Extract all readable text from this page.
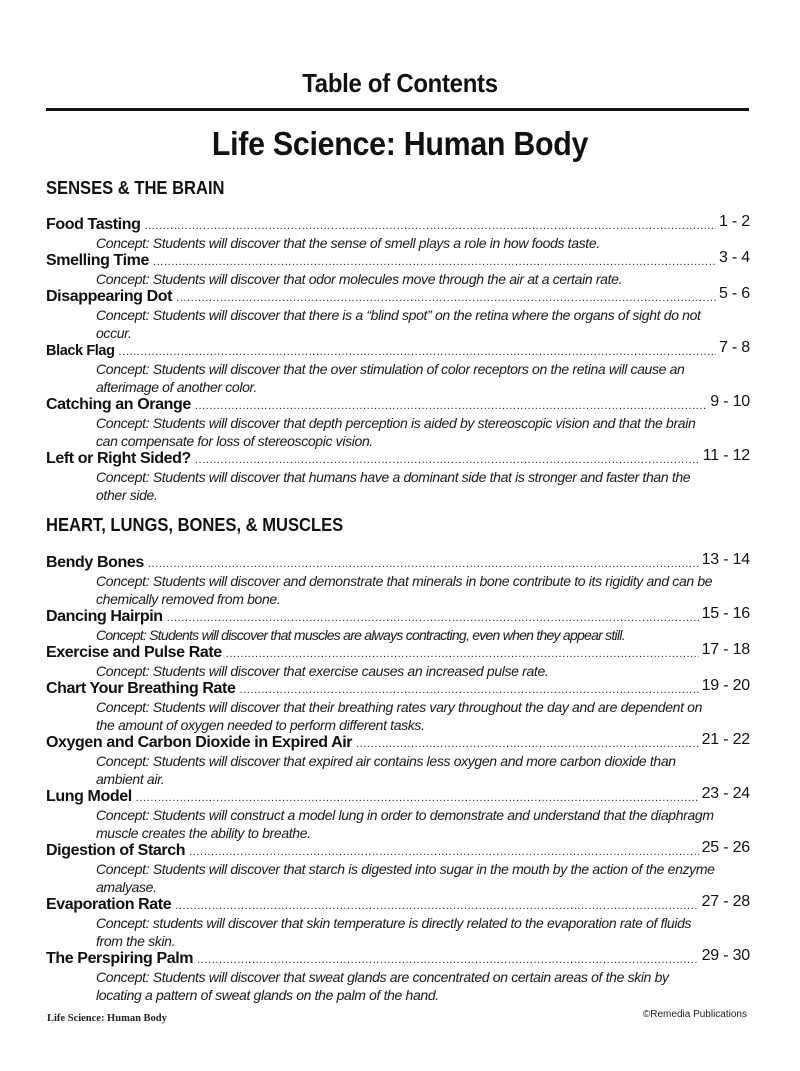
Table of Contents
Life Science: Human Body
SENSES & THE BRAIN
Food Tasting .....	1 - 2
Concept: Students will discover that the sense of smell plays a role in how foods taste.
Smelling Time .....	3 - 4
Concept: Students will discover that odor molecules move through the air at a certain rate.
Disappearing Dot .....	5 - 6
Concept: Students will discover that there is a “blind spot” on the retina where the organs of sight do not occur.
Black Flag .....	7 - 8
Concept: Students will discover that the over stimulation of color receptors on the retina will cause an afterimage of another color.
Catching an Orange .....	9 - 10
Concept: Students will discover that depth perception is aided by stereoscopic vision and that the brain can compensate for loss of stereoscopic vision.
Left or Right Sided? .....	11 - 12
Concept: Students will discover that humans have a dominant side that is stronger and faster than the other side.
HEART, LUNGS, BONES, & MUSCLES
Bendy Bones .....	13 - 14
Concept: Students will discover and demonstrate that minerals in bone contribute to its rigidity and can be chemically removed from bone.
Dancing Hairpin .....	15 - 16
Concept: Students will discover that muscles are always contracting, even when they appear still.
Exercise and Pulse Rate .....	17 - 18
Concept: Students will discover that exercise causes an increased pulse rate.
Chart Your Breathing Rate .....	19 - 20
Concept: Students will discover that their breathing rates vary throughout the day and are dependent on the amount of oxygen needed to perform different tasks.
Oxygen and Carbon Dioxide in Expired Air .....	21 - 22
Concept: Students will discover that expired air contains less oxygen and more carbon dioxide than ambient air.
Lung Model .....	23 - 24
Concept: Students will construct a model lung in order to demonstrate and understand that the diaphragm muscle creates the ability to breathe.
Digestion of Starch .....	25 - 26
Concept: Students will discover that starch is digested into sugar in the mouth by the action of the enzyme amalyase.
Evaporation Rate .....	27 - 28
Concept: students will discover that skin temperature is directly related to the evaporation rate of fluids from the skin.
The Perspiring Palm .....	29 - 30
Concept: Students will discover that sweat glands are concentrated on certain areas of the skin by locating a pattern of sweat glands on the palm of the hand.
Life Science: Human Body	©Remedia Publications
